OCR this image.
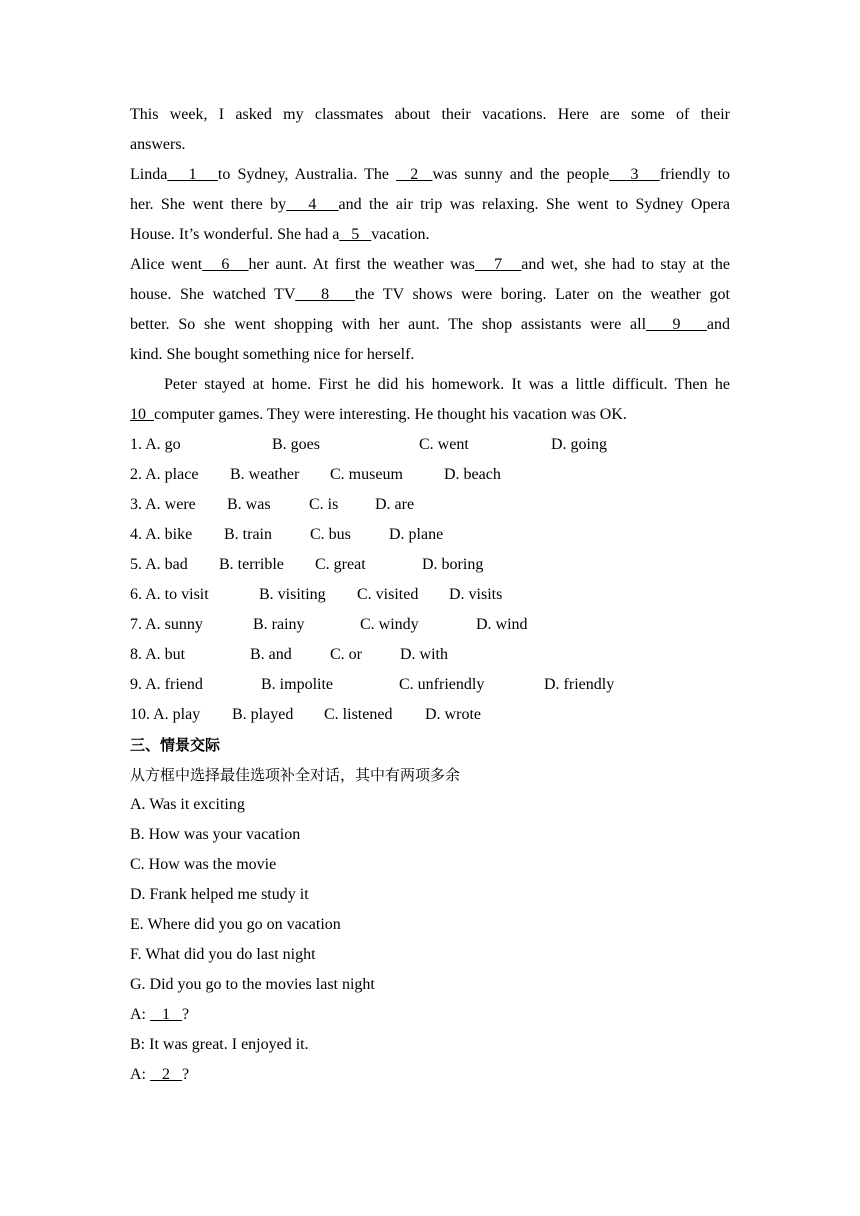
This week, I asked my classmates about their vacations. Here are some of their
answers.
Linda   1   to Sydney, Australia. The   2  was sunny and the people   3   friendly to
her. She went there by   4   and the air trip was relaxing. She went to Sydney Opera
House. It’s wonderful. She had a   5   vacation.
Alice went   6   her aunt. At first the weather was   7   and wet, she had to stay at the
house. She watched TV   8   the TV shows were boring. Later on the weather got
better. So she went shopping with her aunt. The shop assistants were all   9   and
kind. She bought something nice for herself.
Peter stayed at home. First he did his homework. It was a little difficult. Then he
10  computer games. They were interesting. He thought his vacation was OK.
1. A. go	B. goes	C. went	D. going
2. A. place B. weather C. museum	D. beach
3. A. were B. was C. is D. are
4. A. bike B. train C. bus D. plane
5. A. bad B. terrible C. great	D. boring
6. A. to visit	B. visiting C. visited D. visits
7. A. sunny	B. rainy	C. windy	D. wind
8. A. but	B. and C. or D. with
9. A. friend	B. impolite	C. unfriendly	D. friendly
10. A. play B. played C. listened D. wrote
三、情景交际
从方框中选择最佳选项补全对话，其中有两项多余
A. Was it exciting
B. How was your vacation
C. How was the movie
D. Frank helped me study it
E. Where did you go on vacation
F. What did you do last night
G. Did you go to the movies last night
A:    1   ?
B: It was great. I enjoyed it.
A:    2   ?
